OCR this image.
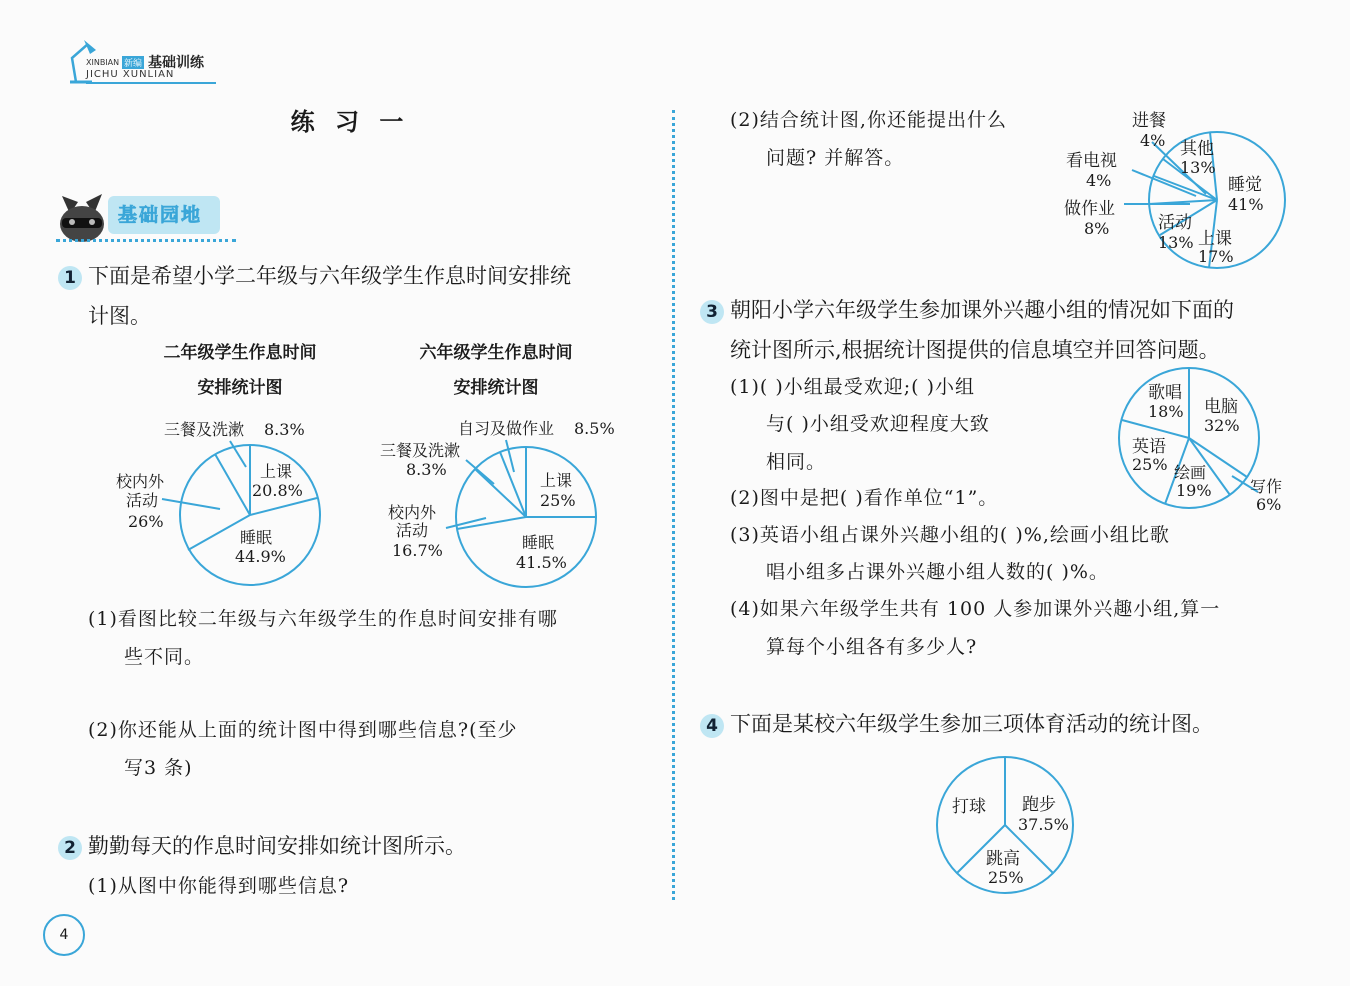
XINBIAN 新编 基础训练
JICHU XUNLIAN
练 习 一
基础园地
1 下面是希望小学二年级与六年级学生作息时间安排统
计图。
二年级学生作息时间
安排统计图
六年级学生作息时间
安排统计图
三餐及洗漱 8.3%
上课
20.8%
睡眠
44.9%
校内外
活动
26%
自习及做作业 8.5%
三餐及洗漱
8.3%
上课
25%
睡眠
41.5%
校内外
活动
16.7%
(1)看图比较二年级与六年级学生的作息时间安排有哪
些不同。
(2)你还能从上面的统计图中得到哪些信息?(至少
写3 条)
2 勤勤每天的作息时间安排如统计图所示。
(1)从图中你能得到哪些信息?
(2)结合统计图,你还能提出什么
问题? 并解答。
进餐
4% 其他
13%
看电视
4%	睡觉
41%
做作业
8%	活动
13% 上课
17%
3 朝阳小学六年级学生参加课外兴趣小组的情况如下面的
统计图所示,根据统计图提供的信息填空并回答问题。
(1)( )小组最受欢迎;( )小组
与( )小组受欢迎程度大致
相同。
(2)图中是把( )看作单位“1”。
(3)英语小组占课外兴趣小组的( )%,绘画小组比歌
唱小组多占课外兴趣小组人数的( )%。
(4)如果六年级学生共有 100 人参加课外兴趣小组,算一
算每个小组各有多少人?
歌唱
18% 电脑
32%
英语
25% 绘画
19% 写作
6%
4 下面是某校六年级学生参加三项体育活动的统计图。
打球 跑步
37.5%
跳高
25%
4
